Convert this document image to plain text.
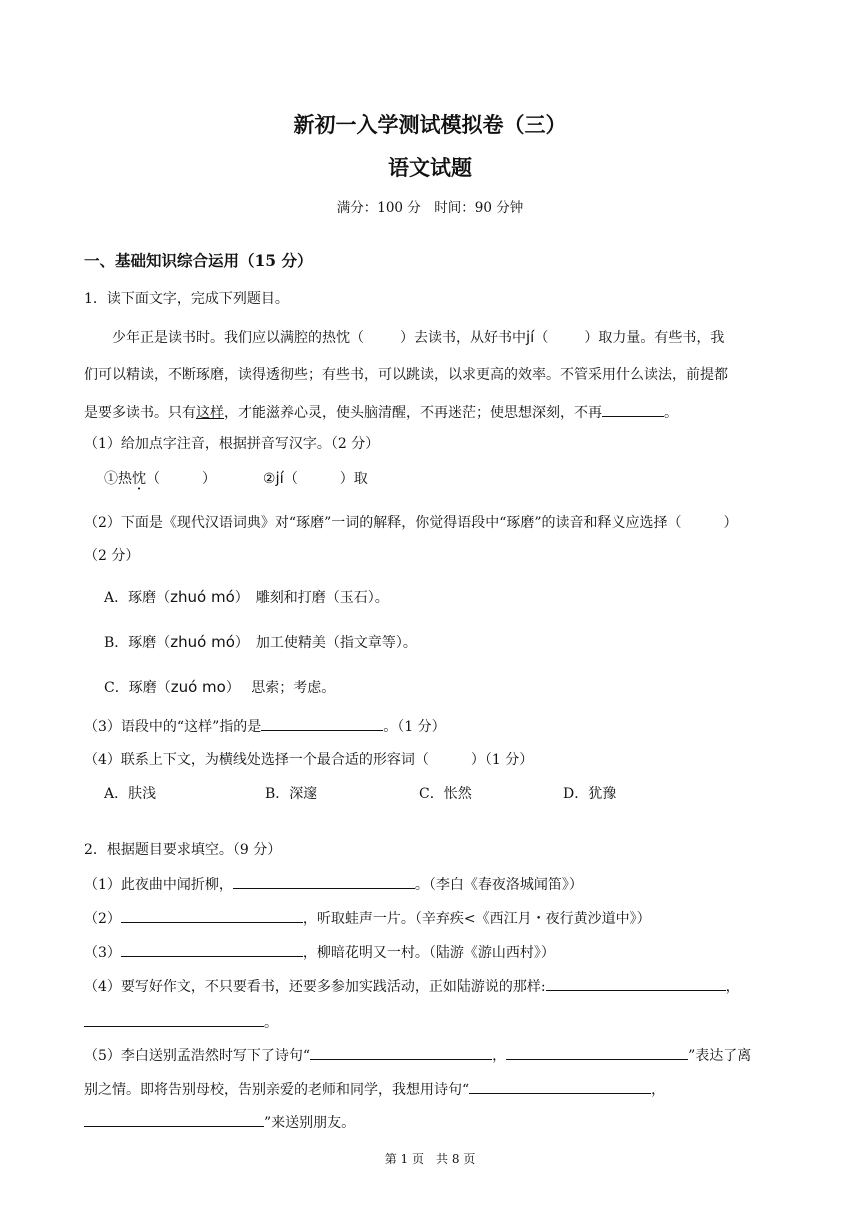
新初一入学测试模拟卷（三）
语文试题
满分：100 分　时间：90 分钟
一、基础知识综合运用（15 分）
1．读下面文字，完成下列题目。
少年正是读书时。我们应以满腔的热忱（	）去读书，从好书中jí（	）取力量。有些书，我
们可以精读，不断琢磨，读得透彻些；有些书，可以跳读，以求更高的效率。不管采用什么读法，前提都
是要多读书。只有这样，才能滋养心灵，使头脑清醒，不再迷茫；使思想深刻，不再	。
（1）给加点字注音，根据拼音写汉字。（2 分）
①热忱（　　　）	②jí（　　　）取
（2）下面是《现代汉语词典》对“琢磨”一词的解释，你觉得语段中“琢磨”的读音和释义应选择（　　　）
（2 分）
A．琢磨（zhuó mó）　雕刻和打磨（玉石）。
B．琢磨（zhuó mó）　加工使精美（指文章等）。
C．琢磨（zuó mo）　 思索；考虑。
（3）语段中的“这样”指的是	。（1 分）
（4）联系上下文，为横线处选择一个最合适的形容词（　　　）（1 分）
A．肤浅	B．深邃	C．怅然	D．犹豫
2．根据题目要求填空。（9 分）
（1）此夜曲中闻折柳，	。（李白《春夜洛城闻笛》）
（2）	，听取蛙声一片。（辛弃疾<《西江月・夜行黄沙道中》）
（3）	，柳暗花明又一村。（陆游《游山西村》）
（4）要写好作文，不只要看书，还要多参加实践活动，正如陆游说的那样:	，
。
（5）李白送别孟浩然时写下了诗句“	，	”表达了离
别之情。即将告别母校，告别亲爱的老师和同学，我想用诗句“	，
”来送别朋友。
第 1 页　共 8 页
